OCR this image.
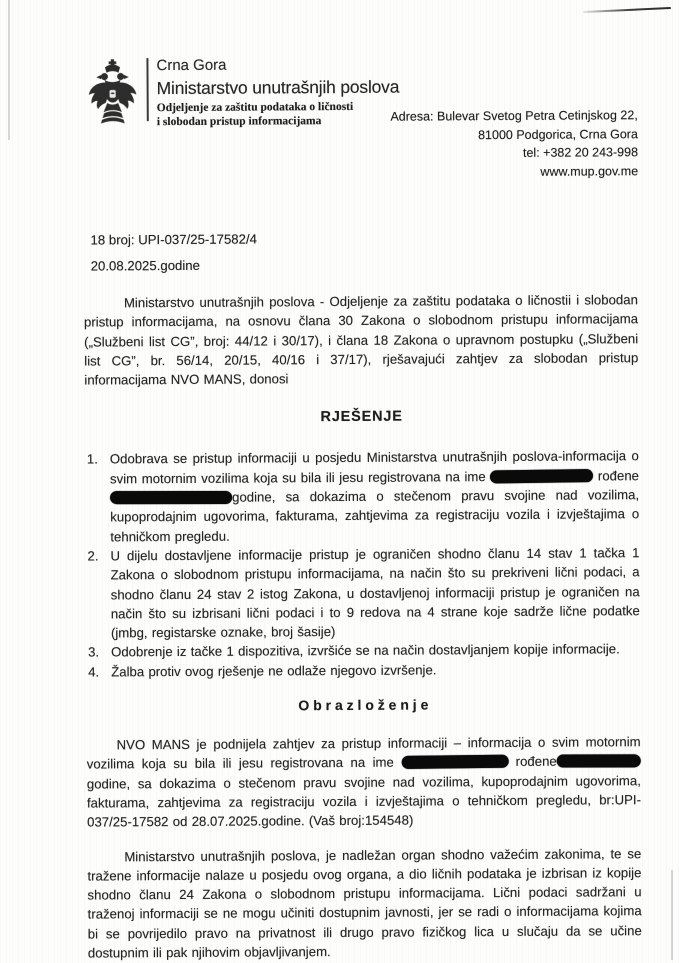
Crna Gora
Ministarstvo unutrašnjih poslova
Odjeljenje za zaštitu podataka o ličnosti
i slobodan pristup informacijama	Adresa: Bulevar Svetog Petra Cetinjskog 22,
81000 Podgorica, Crna Gora
tel: +382 20 243-998
www.mup.gov.me
18 broj: UPI-037/25-17582/4
20.08.2025.godine

Ministarstvo unutrašnjih poslova - Odjeljenje za zaštitu podataka o ličnostii i slobodan pristup informacijama, na osnovu člana 30 Zakona o slobodnom pristupu informacijama („Službeni list CG”, broj: 44/12 i 30/17), i člana 18 Zakona o upravnom postupku („Službeni list CG”, br. 56/14, 20/15, 40/16 i 37/17), rješavajući zahtjev za slobodan pristup informacijama NVO MANS, donosi

RJEŠENJE
1. Odobrava se pristup informaciji u posjedu Ministarstva unutrašnjih poslova-informacija o svim motornim vozilima koja su bila ili jesu registrovana na ime	rođene godine, sa dokazima o stečenom pravu svojine nad vozilima, kupoprodajnim ugovorima, fakturama, zahtjevima za registraciju vozila i izvještajima o tehničkom pregledu.
2. U dijelu dostavljene informacije pristup je ograničen shodno članu 14 stav 1 tačka 1 Zakona o slobodnom pristupu informacijama, na način što su prekriveni lični podaci, a shodno članu 24 stav 2 istog Zakona, u dostavljenoj informaciji pristup je ograničen na način što su izbrisani lični podaci i to 9 redova na 4 strane koje sadrže lične podatke (jmbg, registarske oznake, broj šasije)
3. Odobrenje iz tačke 1 dispozitiva, izvršiće se na način dostavljanjem kopije informacije.
4. Žalba protiv ovog rješenje ne odlaže njegovo izvršenje.
O b r a z l o ž e n j e

NVO MANS je podnijela zahtjev za pristup informaciji – informacija o svim motornim vozilima koja su bila ili jesu registrovana na ime	rođene godine, sa dokazima o stečenom pravu svojine nad vozilima, kupoprodajnim ugovorima, fakturama, zahtjevima za registraciju vozila i izvještajima o tehničkom pregledu, br:UPI-037/25-17582 od 28.07.2025.godine. (Vaš broj:154548)

Ministarstvo unutrašnjih poslova, je nadležan organ shodno važećim zakonima, te se tražene informacije nalaze u posjedu ovog organa, a dio ličnih podataka je izbrisan iz kopije shodno članu 24 Zakona o slobodnom pristupu informacijama. Lični podaci sadržani u traženoj informaciji se ne mogu učiniti dostupnim javnosti, jer se radi o informacijama kojima bi se povrijedilo pravo na privatnost ili drugo pravo fizičkog lica u slučaju da se učine dostupnim ili pak njihovim objavljivanjem.
